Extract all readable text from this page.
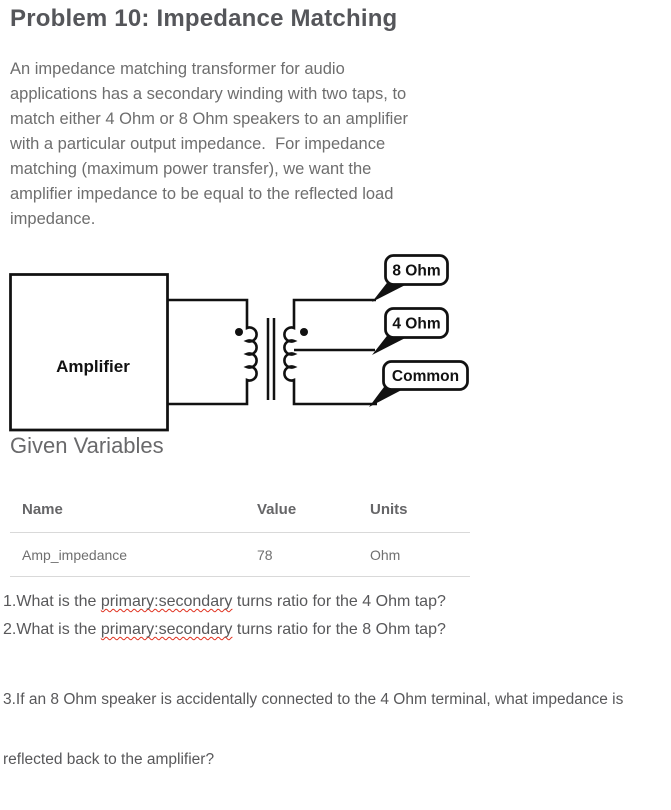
Problem 10: Impedance Matching
An impedance matching transformer for audio
applications has a secondary winding with two taps, to
match either 4 Ohm or 8 Ohm speakers to an amplifier
with a particular output impedance.  For impedance
matching (maximum power transfer), we want the
amplifier impedance to be equal to the reflected load
impedance.
Amplifier
8 Ohm
4 Ohm
Common
Given Variables
Name	Value	Units
Amp_impedance	78	Ohm
1.What is the primary:secondary turns ratio for the 4 Ohm tap?
2.What is the primary:secondary turns ratio for the 8 Ohm tap?

3.If an 8 Ohm speaker is accidentally connected to the 4 Ohm terminal, what impedance is

reflected back to the amplifier?
